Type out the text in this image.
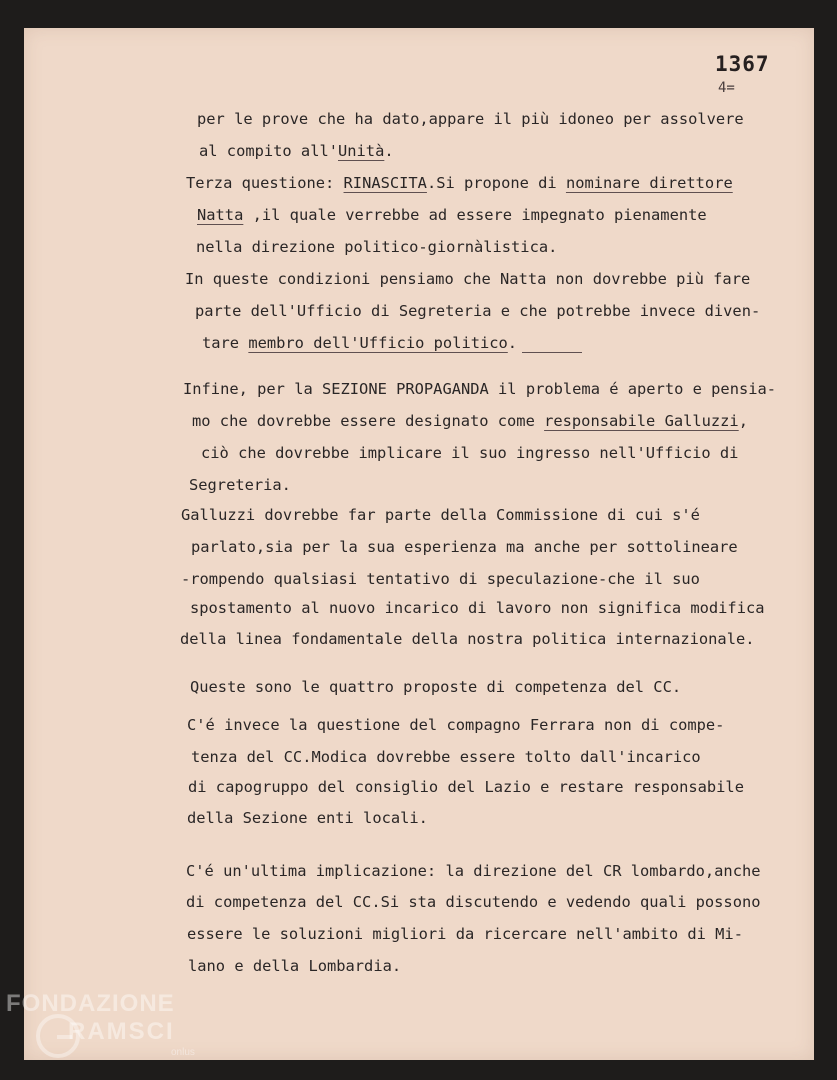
1367
4=
per le prove che ha dato,appare il più idoneo per assolvere
al compito all'Unità.
Terza questione: RINASCITA.Si propone di nominare direttore
Natta ,il quale verrebbe ad essere impegnato pienamente
nella direzione politico-giornàlistica.
In queste condizioni pensiamo che Natta non dovrebbe più fare
parte dell'Ufficio di Segreteria e che potrebbe invece diven-
tare membro dell'Ufficio politico.
Infine, per la SEZIONE PROPAGANDA il problema é aperto e pensia-
mo che dovrebbe essere designato come responsabile Galluzzi,
ciò che dovrebbe implicare il suo ingresso nell'Ufficio di
Segreteria.
Galluzzi dovrebbe far parte della Commissione di cui s'é
parlato,sia per la sua esperienza ma anche per sottolineare
-rompendo qualsiasi tentativo di speculazione-che il suo
spostamento al nuovo incarico di lavoro non significa modifica
della linea fondamentale della nostra politica internazionale.
Queste sono le quattro proposte di competenza del CC.
C'é invece la questione del compagno Ferrara non di compe-
tenza del CC.Modica dovrebbe essere tolto dall'incarico
di capogruppo del consiglio del Lazio e restare responsabile
della Sezione enti locali.
C'é un'ultima implicazione: la direzione del CR lombardo,anche
di competenza del CC.Si sta discutendo e vedendo quali possono
essere le soluzioni migliori da ricercare nell'ambito di Mi-
lano e della Lombardia.
FONDAZIONE
RAMSCI
onlus
